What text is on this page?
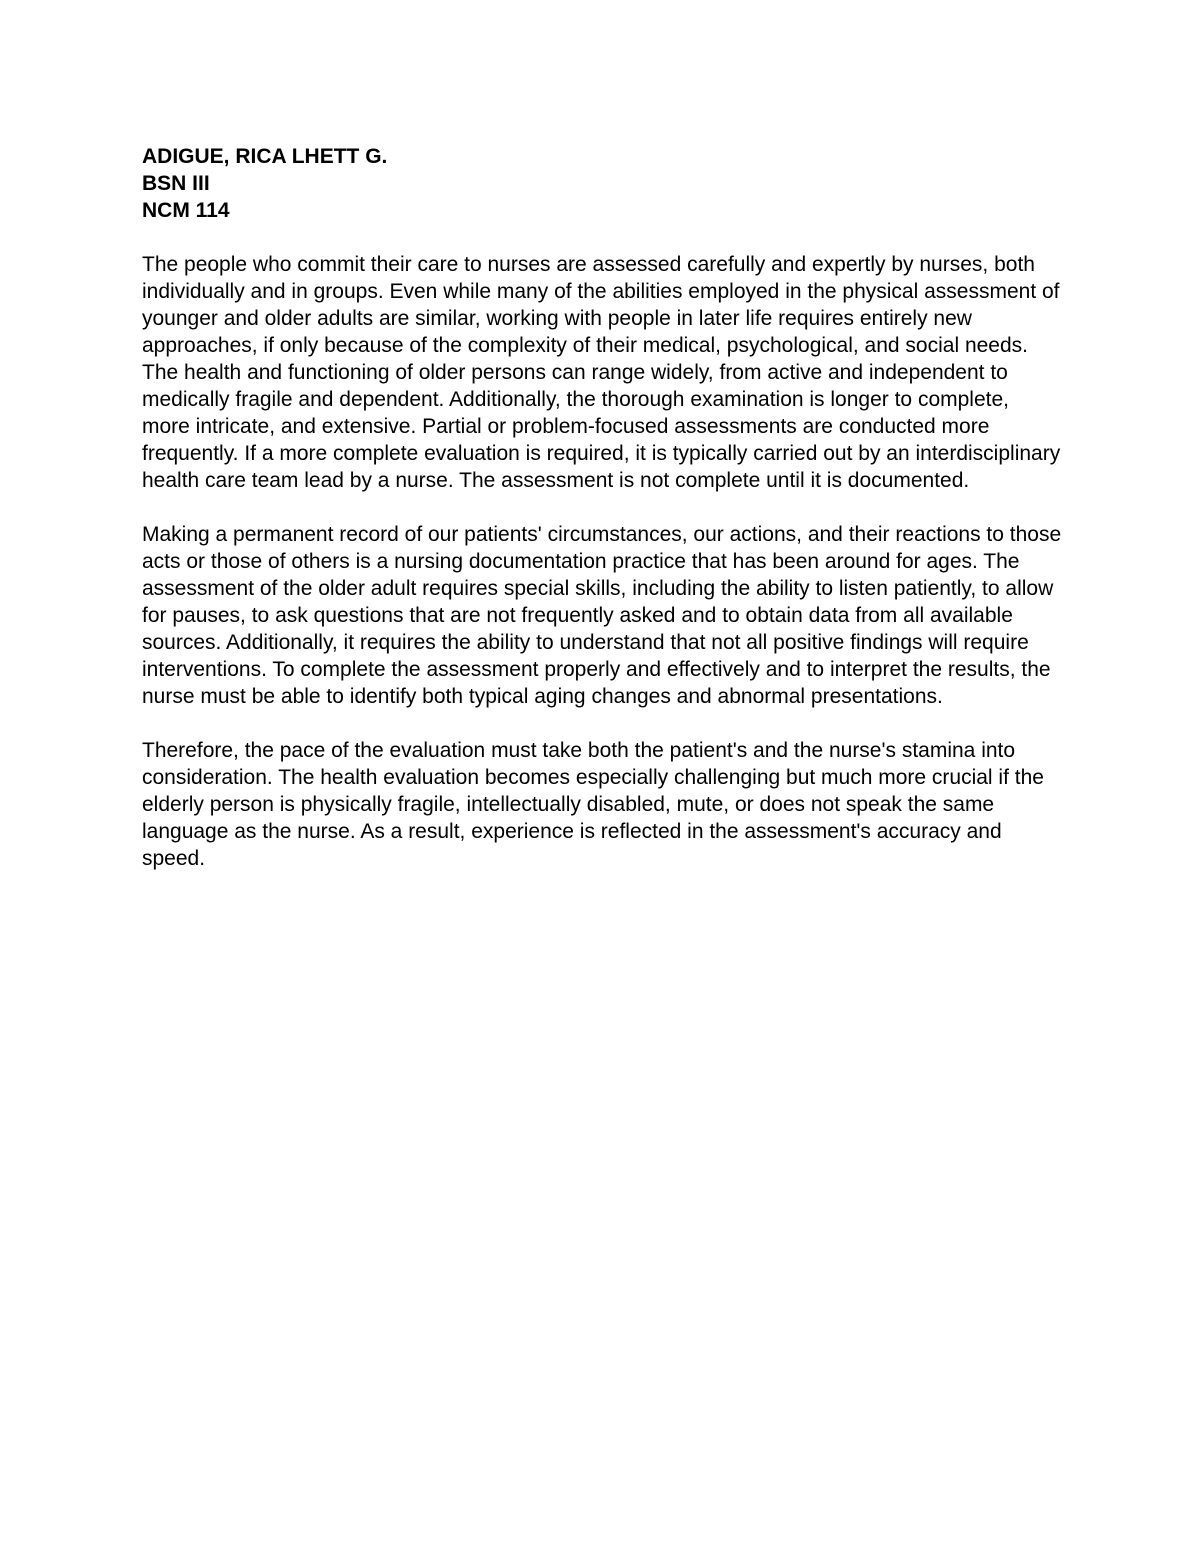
ADIGUE, RICA LHETT G.
BSN III
NCM 114

The people who commit their care to nurses are assessed carefully and expertly by nurses, both individually and in groups. Even while many of the abilities employed in the physical assessment of younger and older adults are similar, working with people in later life requires entirely new approaches, if only because of the complexity of their medical, psychological, and social needs. The health and functioning of older persons can range widely, from active and independent to medically fragile and dependent. Additionally, the thorough examination is longer to complete, more intricate, and extensive. Partial or problem-focused assessments are conducted more frequently. If a more complete evaluation is required, it is typically carried out by an interdisciplinary health care team lead by a nurse. The assessment is not complete until it is documented.

Making a permanent record of our patients' circumstances, our actions, and their reactions to those acts or those of others is a nursing documentation practice that has been around for ages. The assessment of the older adult requires special skills, including the ability to listen patiently, to allow for pauses, to ask questions that are not frequently asked and to obtain data from all available sources. Additionally, it requires the ability to understand that not all positive findings will require interventions. To complete the assessment properly and effectively and to interpret the results, the nurse must be able to identify both typical aging changes and abnormal presentations.

Therefore, the pace of the evaluation must take both the patient's and the nurse's stamina into consideration. The health evaluation becomes especially challenging but much more crucial if the elderly person is physically fragile, intellectually disabled, mute, or does not speak the same language as the nurse. As a result, experience is reflected in the assessment's accuracy and speed.
